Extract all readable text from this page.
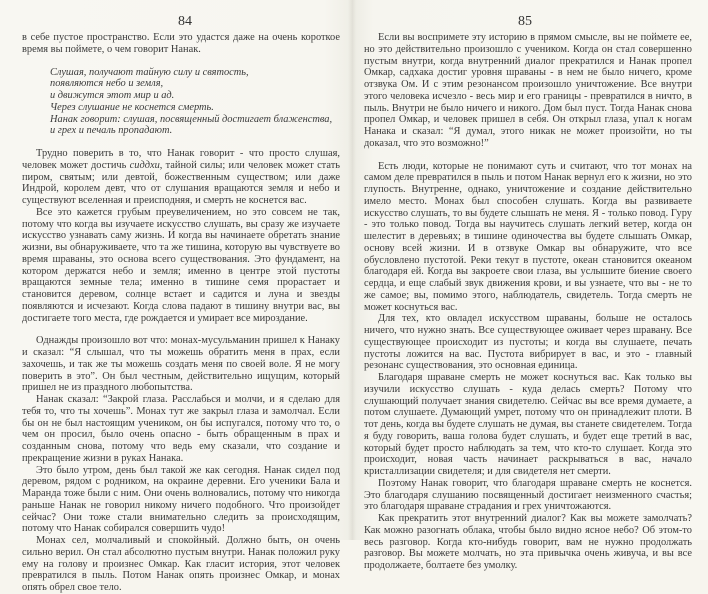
84

в себе пустое пространство. Если это удастся даже на очень короткое время вы поймете, о чем говорит Нанак.

Слушая, получают тайную силу и святость,
появляются небо и земля,
и движутся этот мир и ад.
Через слушание не коснется смерть.
Нанак говорит: слушая, посвященный достигает блаженства,
и грех и печаль пропадают.

Трудно поверить в то, что Нанак говорит - что просто слушая, человек может достичь сиддхи, тайной силы; или человек может стать пиром, святым; или девтой, божественным существом; или даже Индрой, королем девт, что от слушания вращаются земля и небо и существуют вселенная и преисподняя, и смерть не коснется вас.

Все это кажется грубым преувеличением, но это совсем не так, потому что когда вы изучаете искусство слушать, вы сразу же изучаете искусство узнавать саму жизнь. И когда вы начинаете обретать знание жизни, вы обнаруживаете, что та же тишина, которую вы чувствуете во время шраваны, это основа всего существования. Это фундамент, на котором держатся небо и земля; именно в центре этой пустоты вращаются земные тела; именно в тишине семя прорастает и становится деревом, солнце встает и садится и луна и звезды появляются и исчезают. Когда слова падают в тишину внутри вас, вы достигаете того места, где рождается и умирает все мироздание.

Однажды произошло вот что: монах-мусульманин пришел к Нанаку и сказал: “Я слышал, что ты можешь обратить меня в прах, если захочешь, и так же ты можешь создать меня по своей воле. Я не могу поверить в это”. Он был честным, действительно ищущим, который пришел не из праздного любопытства.

Нанак сказал: “Закрой глаза. Расслабься и молчи, и я сделаю для тебя то, что ты хочешь”. Монах тут же закрыл глаза и замолчал. Если бы он не был настоящим учеником, он бы испугался, потому что то, о чем он просил, было очень опасно - быть обращенным в прах и созданным снова, потому что ведь ему сказали, что создание и прекращение жизни в руках Нанака.

Это было утром, день был такой же как сегодня. Нанак сидел под деревом, рядом с родником, на окраине деревни. Его ученики Бала и Маранда тоже были с ним. Они очень волновались, потому что никогда раньше Нанак не говорил никому ничего подобного. Что произойдет сейчас? Они тоже стали внимательно следить за происходящим, потому что Нанак собирался совершить чудо!

Монах сел, молчаливый и спокойный. Должно быть, он очень сильно верил. Он стал абсолютно пустым внутри. Нанак положил руку ему на голову и произнес Омкар. Как гласит история, этот человек превратился в пыль. Потом Нанак опять произнес Омкар, и монах опять обрел свое тело.

85

Если вы воспримете эту историю в прямом смысле, вы не поймете ее, но это действительно произошло с учеником. Когда он стал совершенно пустым внутри, когда внутренний диалог прекратился и Нанак пропел Омкар, садхака достиг уровня шраваны - в нем не было ничего, кроме отзвука Ом. И с этим резонансом произошло уничтожение. Все внутри этого человека исчезло - весь мир и его границы - превратился в ничто, в пыль. Внутри не было ничего и никого. Дом был пуст. Тогда Нанак снова пропел Омкар, и человек пришел в себя. Он открыл глаза, упал к ногам Нанака и сказал: “Я думал, этого никак не может произойти, но ты доказал, что это возможно!”

Есть люди, которые не понимают суть и считают, что тот монах на самом деле превратился в пыль и потом Нанак вернул его к жизни, но это глупость. Внутренне, однако, уничтожение и создание действительно имело место. Монах был способен слушать. Когда вы развиваете искусство слушать, то вы будете слышать не меня. Я - только повод. Гуру - это только повод. Тогда вы научитесь слушать легкий ветер, когда он шелестит в деревьях; в тишине одиночества вы будете слышать Омкар, основу всей жизни. И в отзвуке Омкар вы обнаружите, что все обусловлено пустотой. Реки текут в пустоте, океан становится океаном благодаря ей. Когда вы закроете свои глаза, вы услышите биение своего сердца, и еще слабый звук движения крови, и вы узнаете, что вы - не то же самое; вы, помимо этого, наблюдатель, свидетель. Тогда смерть не может коснуться вас.

Для тех, кто овладел искусством шраваны, больше не осталось ничего, что нужно знать. Все существующее оживает через шравану. Все существующее происходит из пустоты; и когда вы слушаете, печать пустоты ложится на вас. Пустота вибрирует в вас, и это - главный резонанс существования, это основная единица.

Благодаря шраване смерть не может коснуться вас. Как только вы изучили искусство слушать - куда делась смерть? Потому что слушающий получает знания свидетелю. Сейчас вы все время думаете, а потом слушаете. Думающий умрет, потому что он принадлежит плоти. В тот день, когда вы будете слушать не думая, вы станете свидетелем. Тогда я буду говорить, ваша голова будет слушать, и будет еще третий в вас, который будет просто наблюдать за тем, что кто-то слушает. Когда это происходит, новая часть начинает раскрываться в вас, начало кристаллизации свидетеля; и для свидетеля нет смерти.

Поэтому Нанак говорит, что благодаря шраване смерть не коснется. Это благодаря слушанию посвященный достигает неизменного счастья; это благодаря шраване страдания и грех уничтожаются.

Как прекратить этот внутренний диалог? Как вы можете замолчать? Как можно разогнать облака, чтобы было видно ясное небо? Об этом-то весь разговор. Когда кто-нибудь говорит, вам не нужно продолжать разговор. Вы можете молчать, но эта привычка очень живуча, и вы все продолжаете, болтаете без умолку.
